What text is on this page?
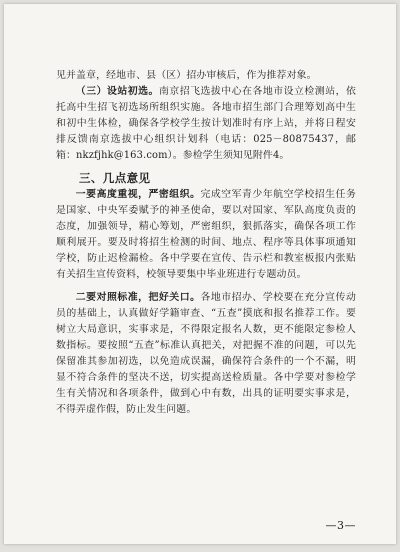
见并盖章，经地市、县（区）招办审核后，作为推荐对象。

（三）设站初选。南京招飞选拔中心在各地市设立检测站，依托高中生招飞初选场所组织实施。各地市招生部门合理筹划高中生和初中生体检，确保各学校学生按计划准时有序上站，并将日程安排反馈南京选拔中心组织计划科（电话：025－80875437，邮箱：nkzfjhk@163.com）。参检学生须知见附件4。

三、几点意见

一要高度重视，严密组织。完成空军青少年航空学校招生任务是国家、中央军委赋予的神圣使命，要以对国家、军队高度负责的态度，加强领导，精心筹划，严密组织，狠抓落实，确保各项工作顺利展开。要及时将招生检测的时间、地点、程序等具体事项通知学校，防止迟检漏检。各中学要在宣传、告示栏和教室板报内张贴有关招生宣传资料，校领导要集中毕业班进行专题动员。

二要对照标准，把好关口。各地市招办、学校要在充分宣传动员的基础上，认真做好学籍审查、“五查”摸底和报名推荐工作。要树立大局意识，实事求是，不得限定报名人数，更不能限定参检人数指标。要按照“五查”标准认真把关，对把握不准的问题，可以先保留准其参加初选，以免造成误漏，确保符合条件的一个不漏，明显不符合条件的坚决不送，切实提高送检质量。各中学要对参检学生有关情况和各项条件，做到心中有数，出具的证明要实事求是，不得弄虚作假，防止发生问题。

—3—
